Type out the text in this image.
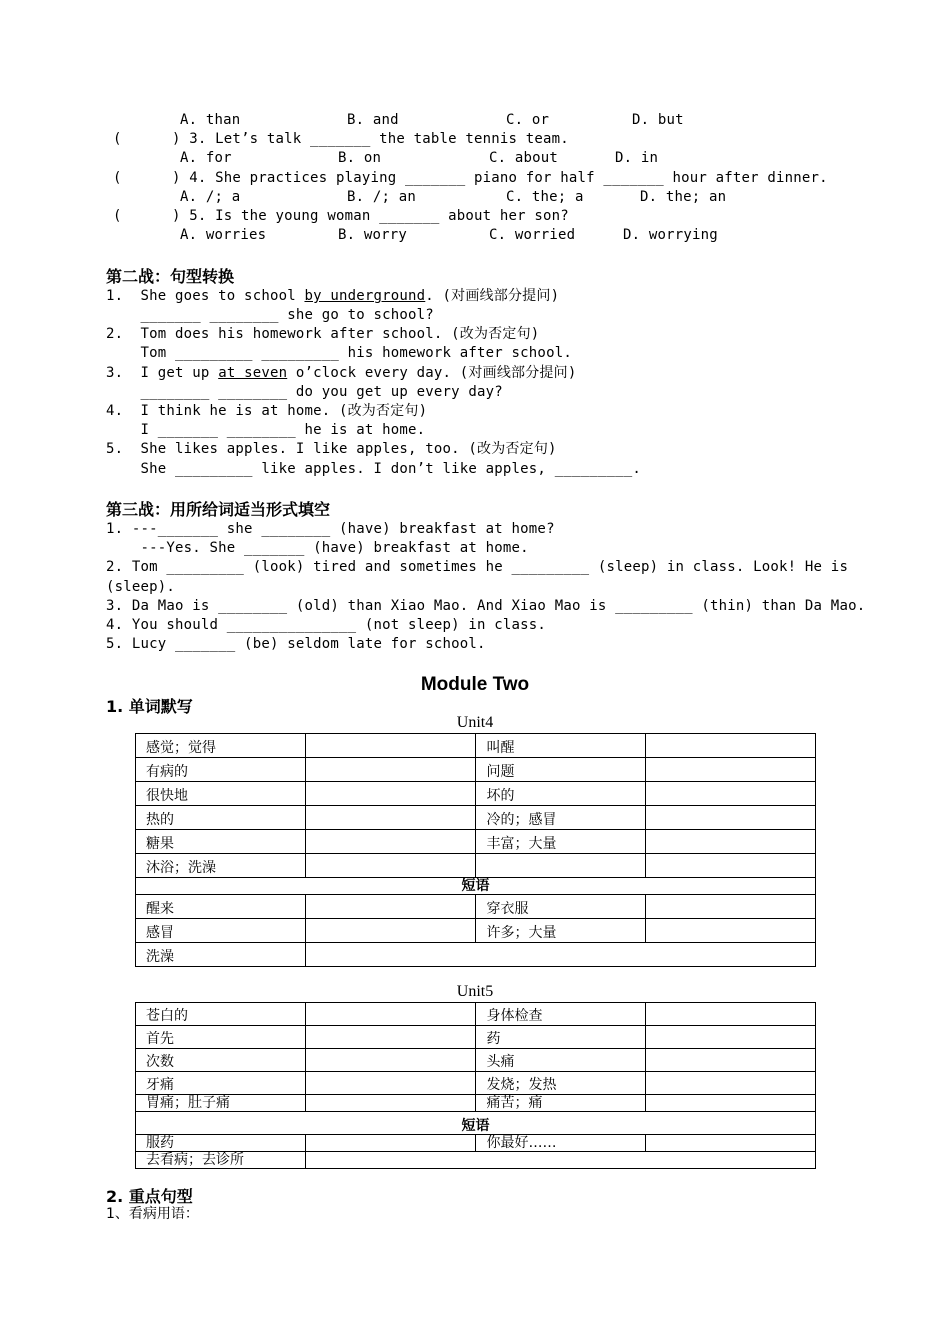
A. than	B. and	C. or	D. but
(	) 3. Let’s talk _______ the table tennis team.
A. for	B. on	C. about	D. in
(	) 4. She practices playing _______ piano for half _______ hour after dinner.
A. /; a	B. /; an	C. the; a	D. the; an
(	) 5. Is the young woman _______ about her son?
A. worries	B. worry	C. worried	D. worrying
第二战：句型转换
1.  She goes to school by underground. (对画线部分提问)
_______ ________ she go to school?
2.  Tom does his homework after school. (改为否定句)
Tom _________ _________ his homework after school.
3.  I get up at seven o’clock every day. (对画线部分提问)
________ ________ do you get up every day?
4.  I think he is at home. (改为否定句)
I _______ ________ he is at home.
5.  She likes apples. I like apples, too. (改为否定句)
She _________ like apples. I don’t like apples, _________.
第三战：用所给词适当形式填空
1. ---_______ she ________ (have) breakfast at home?
---Yes. She _______ (have) breakfast at home.
2. Tom _________ (look) tired and sometimes he _________ (sleep) in class. Look! He is
(sleep).
3. Da Mao is ________ (old) than Xiao Mao. And Xiao Mao is _________ (thin) than Da Mao.
4. You should _______________ (not sleep) in class.
5. Lucy _______ (be) seldom late for school.
Module Two
1. 单词默写
Unit4
感觉；觉得		叫醒	
有病的		问题	
很快地		坏的	
热的		冷的；感冒	
糖果		丰富；大量	
沐浴；洗澡			
短语			
醒来		穿衣服	
感冒		许多；大量	
洗澡			
Unit5
苍白的		身体检查	
首先		药	
次数		头痛	
牙痛		发烧；发热	
胃痛；肚子痛		痛苦；痛	
短语			
服药		你最好……	
去看病；去诊所			
2. 重点句型
1、看病用语：
